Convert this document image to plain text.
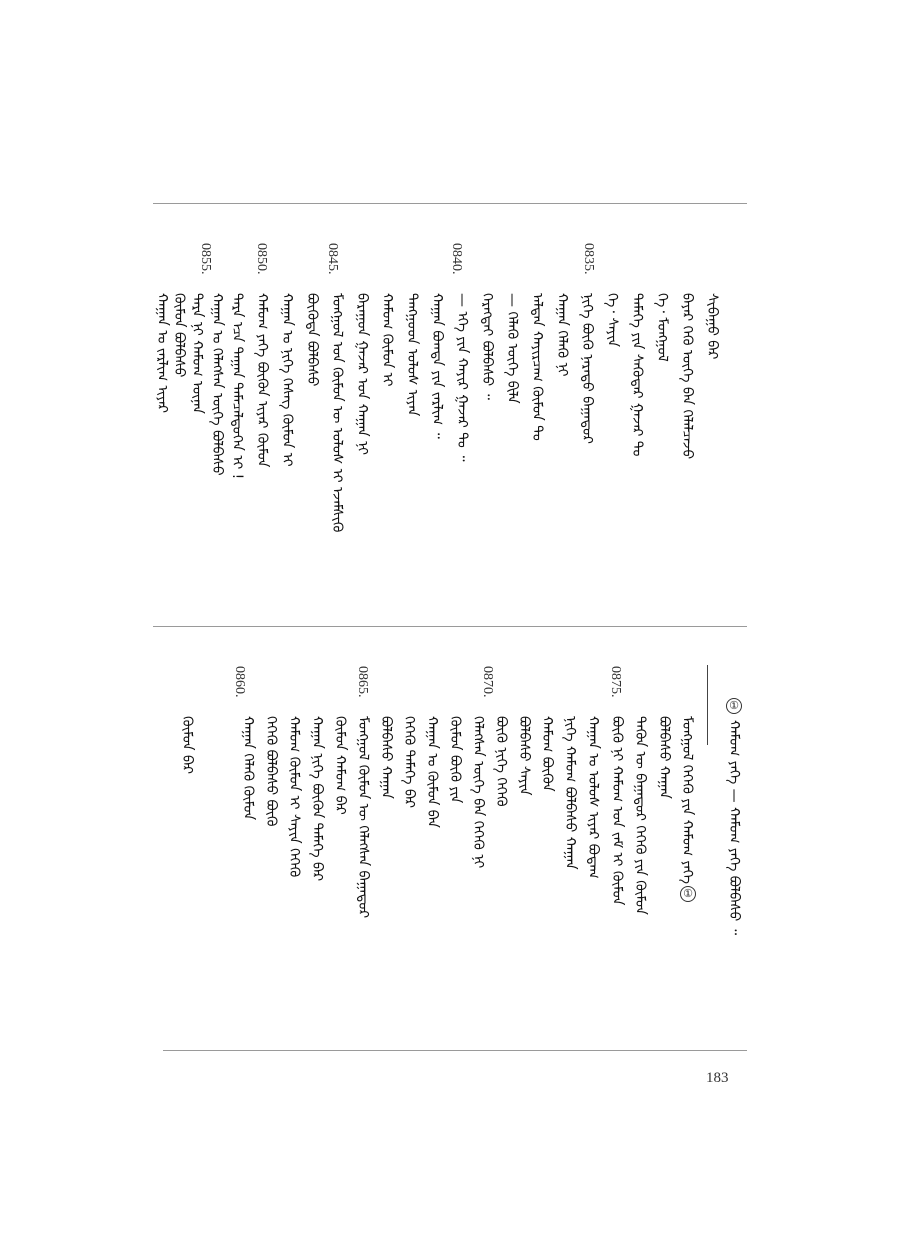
0855.	0850.	0845.	0840.	0835.
ᠰᠢᠪᠠᠭᠤ ᠪᠠᠷ
ᠪᠠᠶᠠᠷ ᠭᠡᠬᠦ ᠦᠭᠡ ᠪᠠᠨ ᠬᠡᠯᠡᠯᠴᠡᠵᠦ
ᠭᠡ᠂ ᠮᠤᠩᠭᠤᠯ
ᠲᠡᠮᠡᠭᠡ ᠶᠢᠨ ᠰᠡᠭᠦᠳᠡᠷ ᠭᠠᠵᠠᠷ ᠲᠤ
ᠭᠡ᠂ ᠰᠠᠶᠢᠨ
ᠨᠢᠭᠡ ᠪᠦᠬᠦ ᠨᠡᠷᠡᠲᠦ ᠪᠠᠭᠠᠲᠤᠷ
ᠬᠠᠭᠠᠨ ᠬᠡᠯᠡᠬᠦ ᠨᠢ
ᠠᠯᠲᠠᠨ ᠬᠠᠶᠢᠷᠴᠠᠭ ᠬᠦᠮᠦᠨ ᠲᠤ
— ᠬᠡᠯᠡᠬᠦ ᠦᠭᠡ ᠪᠢᠯᠡ
ᠬᠡᠷᠡᠭᠲᠡᠢ ᠪᠣᠯᠪᠠᠰᠤ ᠃
— ᠡᠬᠡ ᠶᠢᠨ ᠬᠠᠶᠢᠷ ᠭᠠᠵᠠᠷ ᠲᠤ ᠃
ᠬᠠᠭᠠᠨ ᠪᠣᠭᠳᠠ ᠶᠢᠨ ᠵᠠᠷᠯᠢᠭ ᠃
ᠲᠠᠩᠭᠤᠳ ᠤᠯᠤᠰ ᠢᠶᠠᠨ
ᠬᠠᠮᠤᠭ ᠬᠦᠮᠦᠨ ᠢ
ᠪᠠᠷᠠᠭᠤᠨ ᠭᠠᠵᠠᠷ ᠤᠨ ᠬᠠᠭᠠᠨ ᠨᠢ
ᠮᠣᠩᠭᠣᠯ ᠤᠨ ᠬᠦᠮᠦᠨ ᠦ ᠤᠯᠤᠰ ᠢ ᠡᠵᠡᠮᠰᠢᠬᠦ
ᠪᠦᠭᠦᠳᠡ ᠪᠣᠯᠪᠠᠰᠤ
ᠬᠠᠭᠠᠨ ᠤ ᠨᠢᠭᠡ ᠬᠡᠰᠡᠭ ᠬᠦᠮᠦᠨ ᠢ
ᠬᠠᠮᠤᠭ ᠶᠡᠬᠡ ᠪᠦᠬᠦᠨ ᠢᠶᠡᠷ ᠬᠦᠮᠦᠨ
ᠲᠡᠷᠡ ᠡᠴᠡ ᠳᠠᠭᠠᠨ ᠲᠡᠮᠡᠴᠡᠯᠳᠦᠭᠡᠨ ᠢ !
ᠬᠠᠭᠠᠨ ᠤ ᠬᠡᠯᠡᠭᠰᠡᠨ ᠦᠭᠡ ᠪᠣᠯᠪᠠᠰᠤ
ᠲᠡᠷᠡ ᠨᠢ ᠬᠠᠮᠤᠭ ᠦᠨᠡᠨ
ᠬᠦᠮᠦᠨ ᠪᠣᠯᠪᠠᠰᠤ
ᠬᠠᠭᠠᠨ ᠤ ᠵᠠᠷᠯᠢᠭ ᠢᠶᠠᠷ
0875.
0870.
0865.
0860.
①
ᠬᠠᠮᠤᠭ ᠶᠡᠬᠡ — ᠬᠠᠮᠤᠭ ᠶᠡᠬᠡ ᠪᠣᠯᠪᠠᠰᠤ ᠃
①
ᠮᠣᠩᠭᠣᠯ ᠬᠡᠭᠡᠬᠦ ᠶᠢᠨ ᠬᠠᠮᠤᠭ ᠶᠡᠬᠡ
ᠪᠣᠯᠪᠠᠰᠤ ᠬᠠᠭᠠᠨ
ᠲᠡᠭᠦᠨ ᠦ ᠪᠠᠭᠠᠲᠤᠷ ᠬᠡᠭᠡᠬᠦ ᠶᠢᠨ ᠬᠦᠮᠦᠨ
ᠪᠦᠬᠦ ᠨᠢ ᠬᠠᠮᠤᠭ ᠤᠨ ᠵᠠᠮ ᠢ ᠬᠦᠮᠦᠨ
ᠬᠠᠭᠠᠨ ᠤ ᠤᠯᠤᠰ ᠢᠶᠠᠷ ᠪᠤᠳᠠᠭ
ᠨᠢᠭᠡ ᠬᠠᠮᠤᠭ ᠪᠣᠯᠪᠠᠰᠤ ᠬᠠᠭᠠᠨ
ᠬᠠᠮᠤᠭ ᠪᠦᠬᠦᠨ
ᠪᠣᠯᠪᠠᠰᠤ ᠰᠠᠶᠢᠨ
ᠪᠦᠬᠦ ᠨᠢᠭᠡ ᠬᠡᠭᠡᠬᠦ
ᠬᠡᠯᠡᠭᠰᠡᠨ ᠦᠭᠡ ᠪᠠᠨ ᠬᠡᠭᠡᠬᠦ ᠨᠢ
ᠬᠦᠮᠦᠨ ᠪᠦᠬᠦ ᠶᠢᠨ
ᠬᠠᠭᠠᠨ ᠤ ᠬᠦᠮᠦᠨ ᠪᠠᠨ
ᠬᠡᠭᠡᠬᠦ ᠲᠡᠮᠡᠭᠡ ᠪᠠᠷ
ᠪᠣᠯᠪᠠᠰᠤ ᠬᠠᠭᠠᠨ
ᠮᠣᠩᠭᠣᠯ ᠬᠦᠮᠦᠨ ᠦ ᠬᠡᠯᠡᠭᠰᠡᠨ ᠪᠠᠭᠠᠲᠤᠷ
ᠬᠦᠮᠦᠨ ᠬᠠᠮᠤᠭ ᠪᠠᠷ
ᠬᠠᠭᠠᠨ ᠨᠢᠭᠡ ᠪᠦᠬᠦᠨ ᠲᠡᠮᠡᠭᠡ ᠪᠠᠷ
ᠬᠠᠮᠤᠭ ᠬᠦᠮᠦᠨ ᠢ ᠰᠠᠶᠢᠨ ᠬᠡᠭᠡᠬᠦ
ᠬᠡᠭᠡᠬᠦ ᠪᠣᠯᠪᠠᠰᠤ ᠪᠦᠬᠦ
ᠬᠠᠭᠠᠨ ᠬᠡᠯᠡᠬᠦ ᠬᠦᠮᠦᠨ
ᠬᠦᠮᠦᠨ ᠪᠠᠷ
183
